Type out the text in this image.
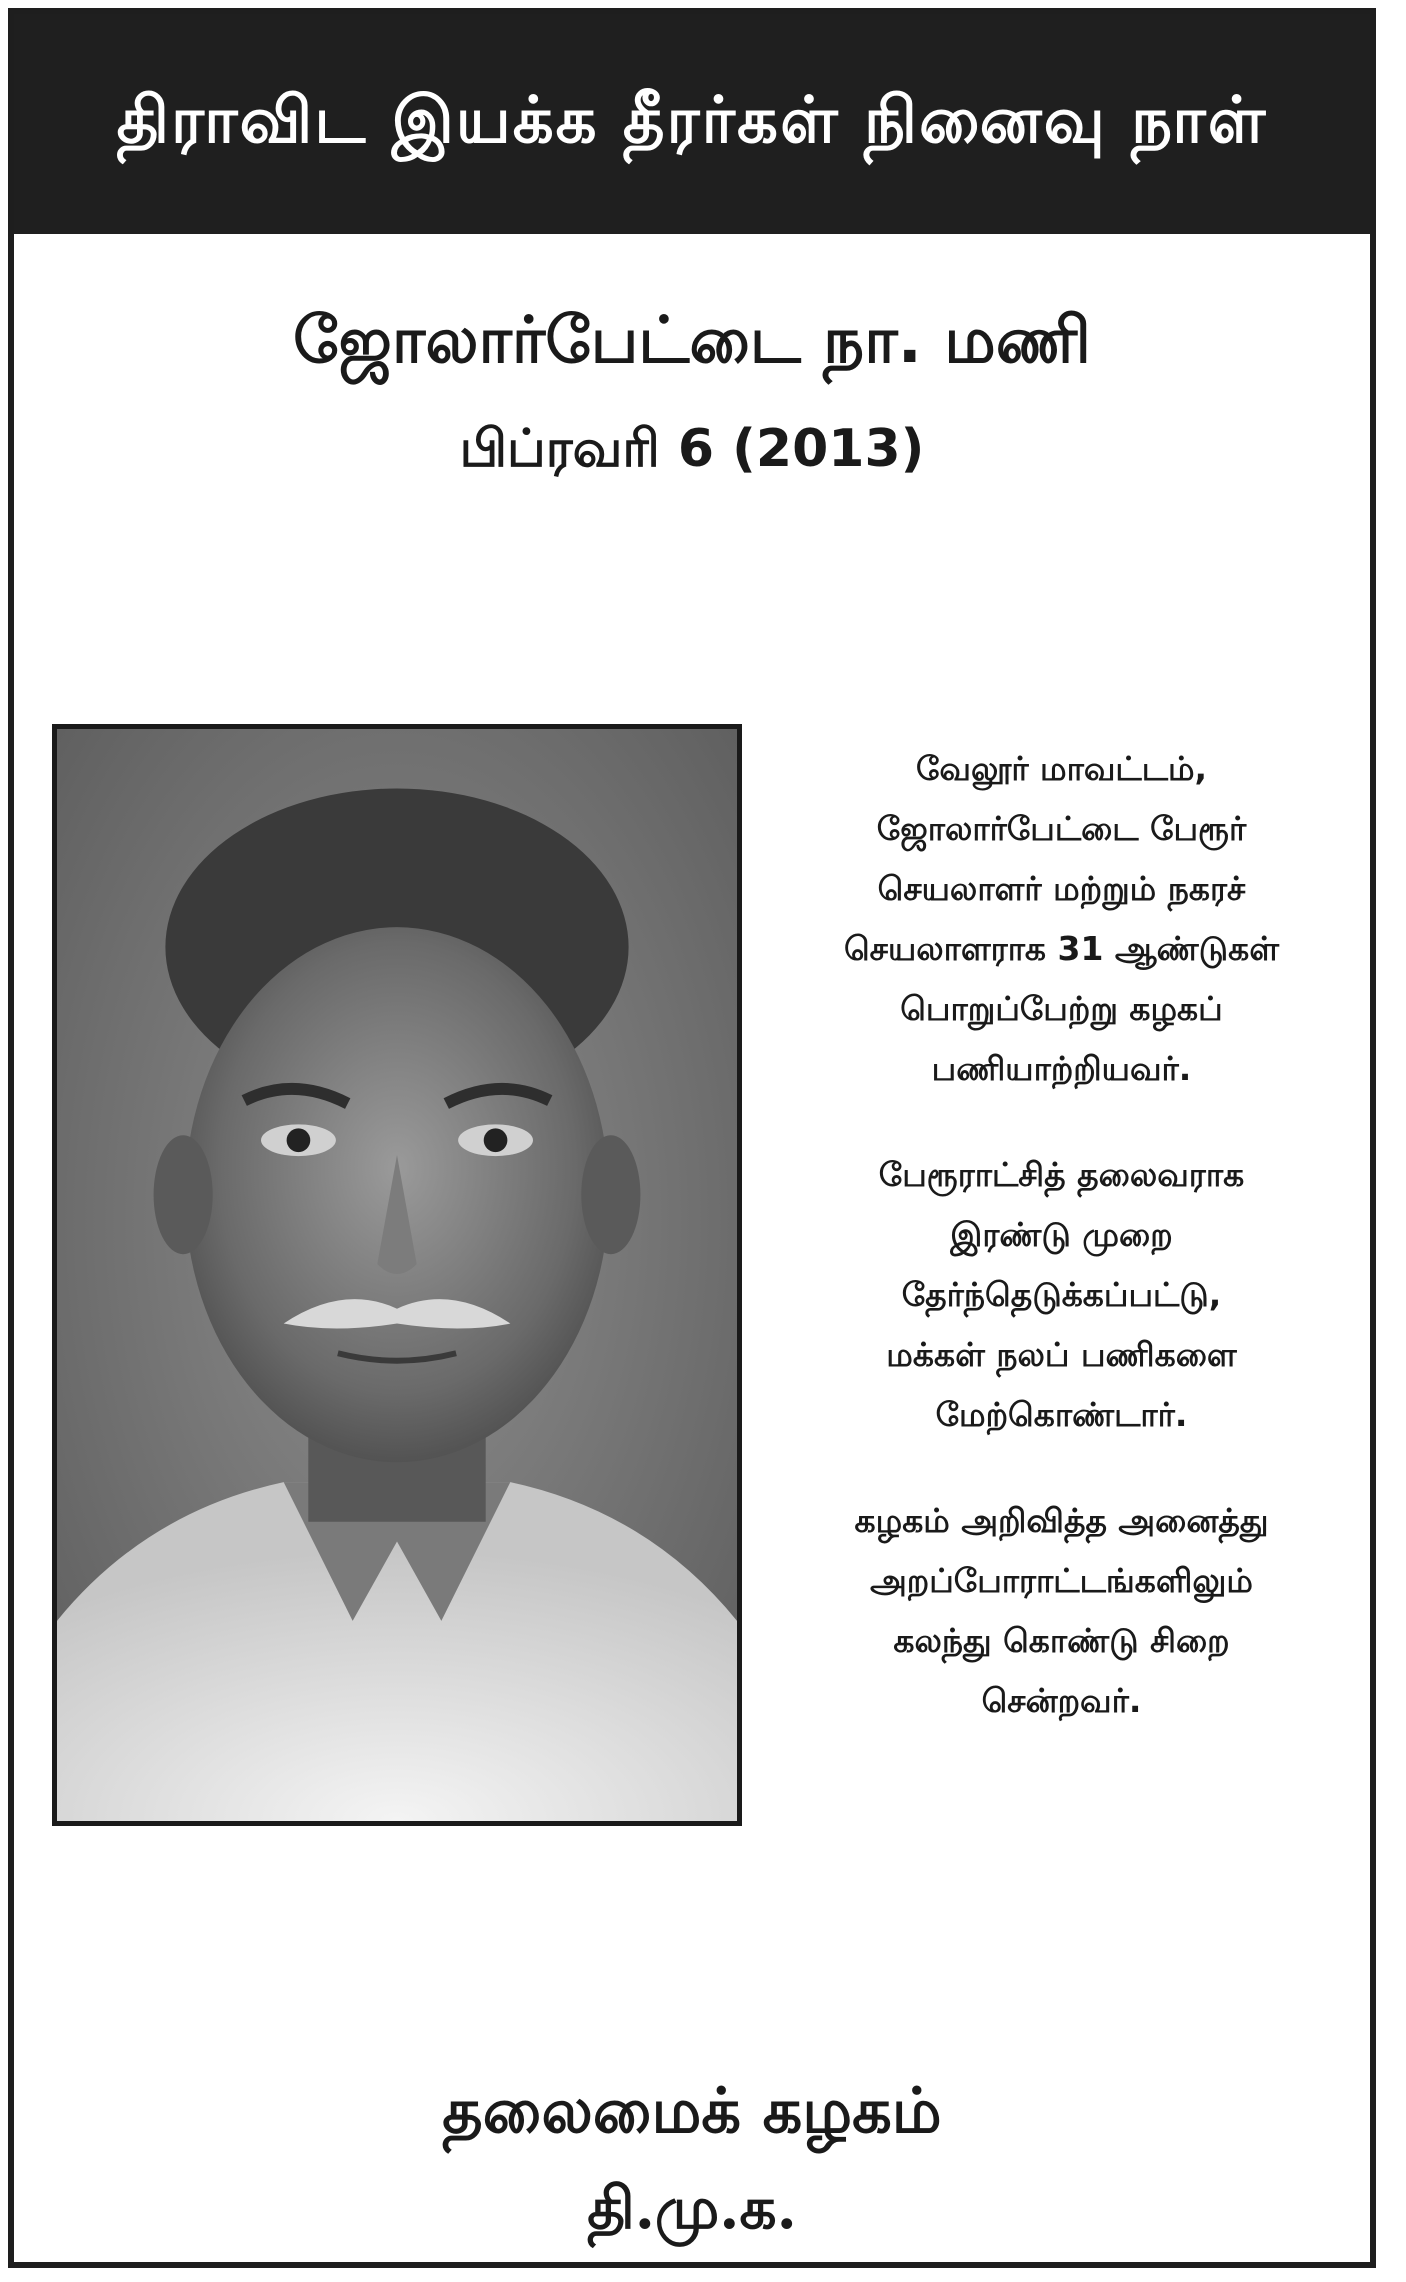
திராவிட இயக்க தீரர்கள் நினைவு நாள்
ஜோலார்பேட்டை நா. மணி
பிப்ரவரி 6 (2013)
வேலூர் மாவட்டம்,
ஜோலார்பேட்டை பேரூர்
செயலாளர் மற்றும் நகரச்
செயலாளராக 31 ஆண்டுகள்
பொறுப்பேற்று கழகப்
பணியாற்றியவர்.
பேரூராட்சித் தலைவராக
இரண்டு முறை
தேர்ந்தெடுக்கப்பட்டு,
மக்கள் நலப் பணிகளை
மேற்கொண்டார்.
கழகம் அறிவித்த அனைத்து
அறப்போராட்டங்களிலும்
கலந்து கொண்டு சிறை
சென்றவர்.
தலைமைக் கழகம்
தி.மு.க.
